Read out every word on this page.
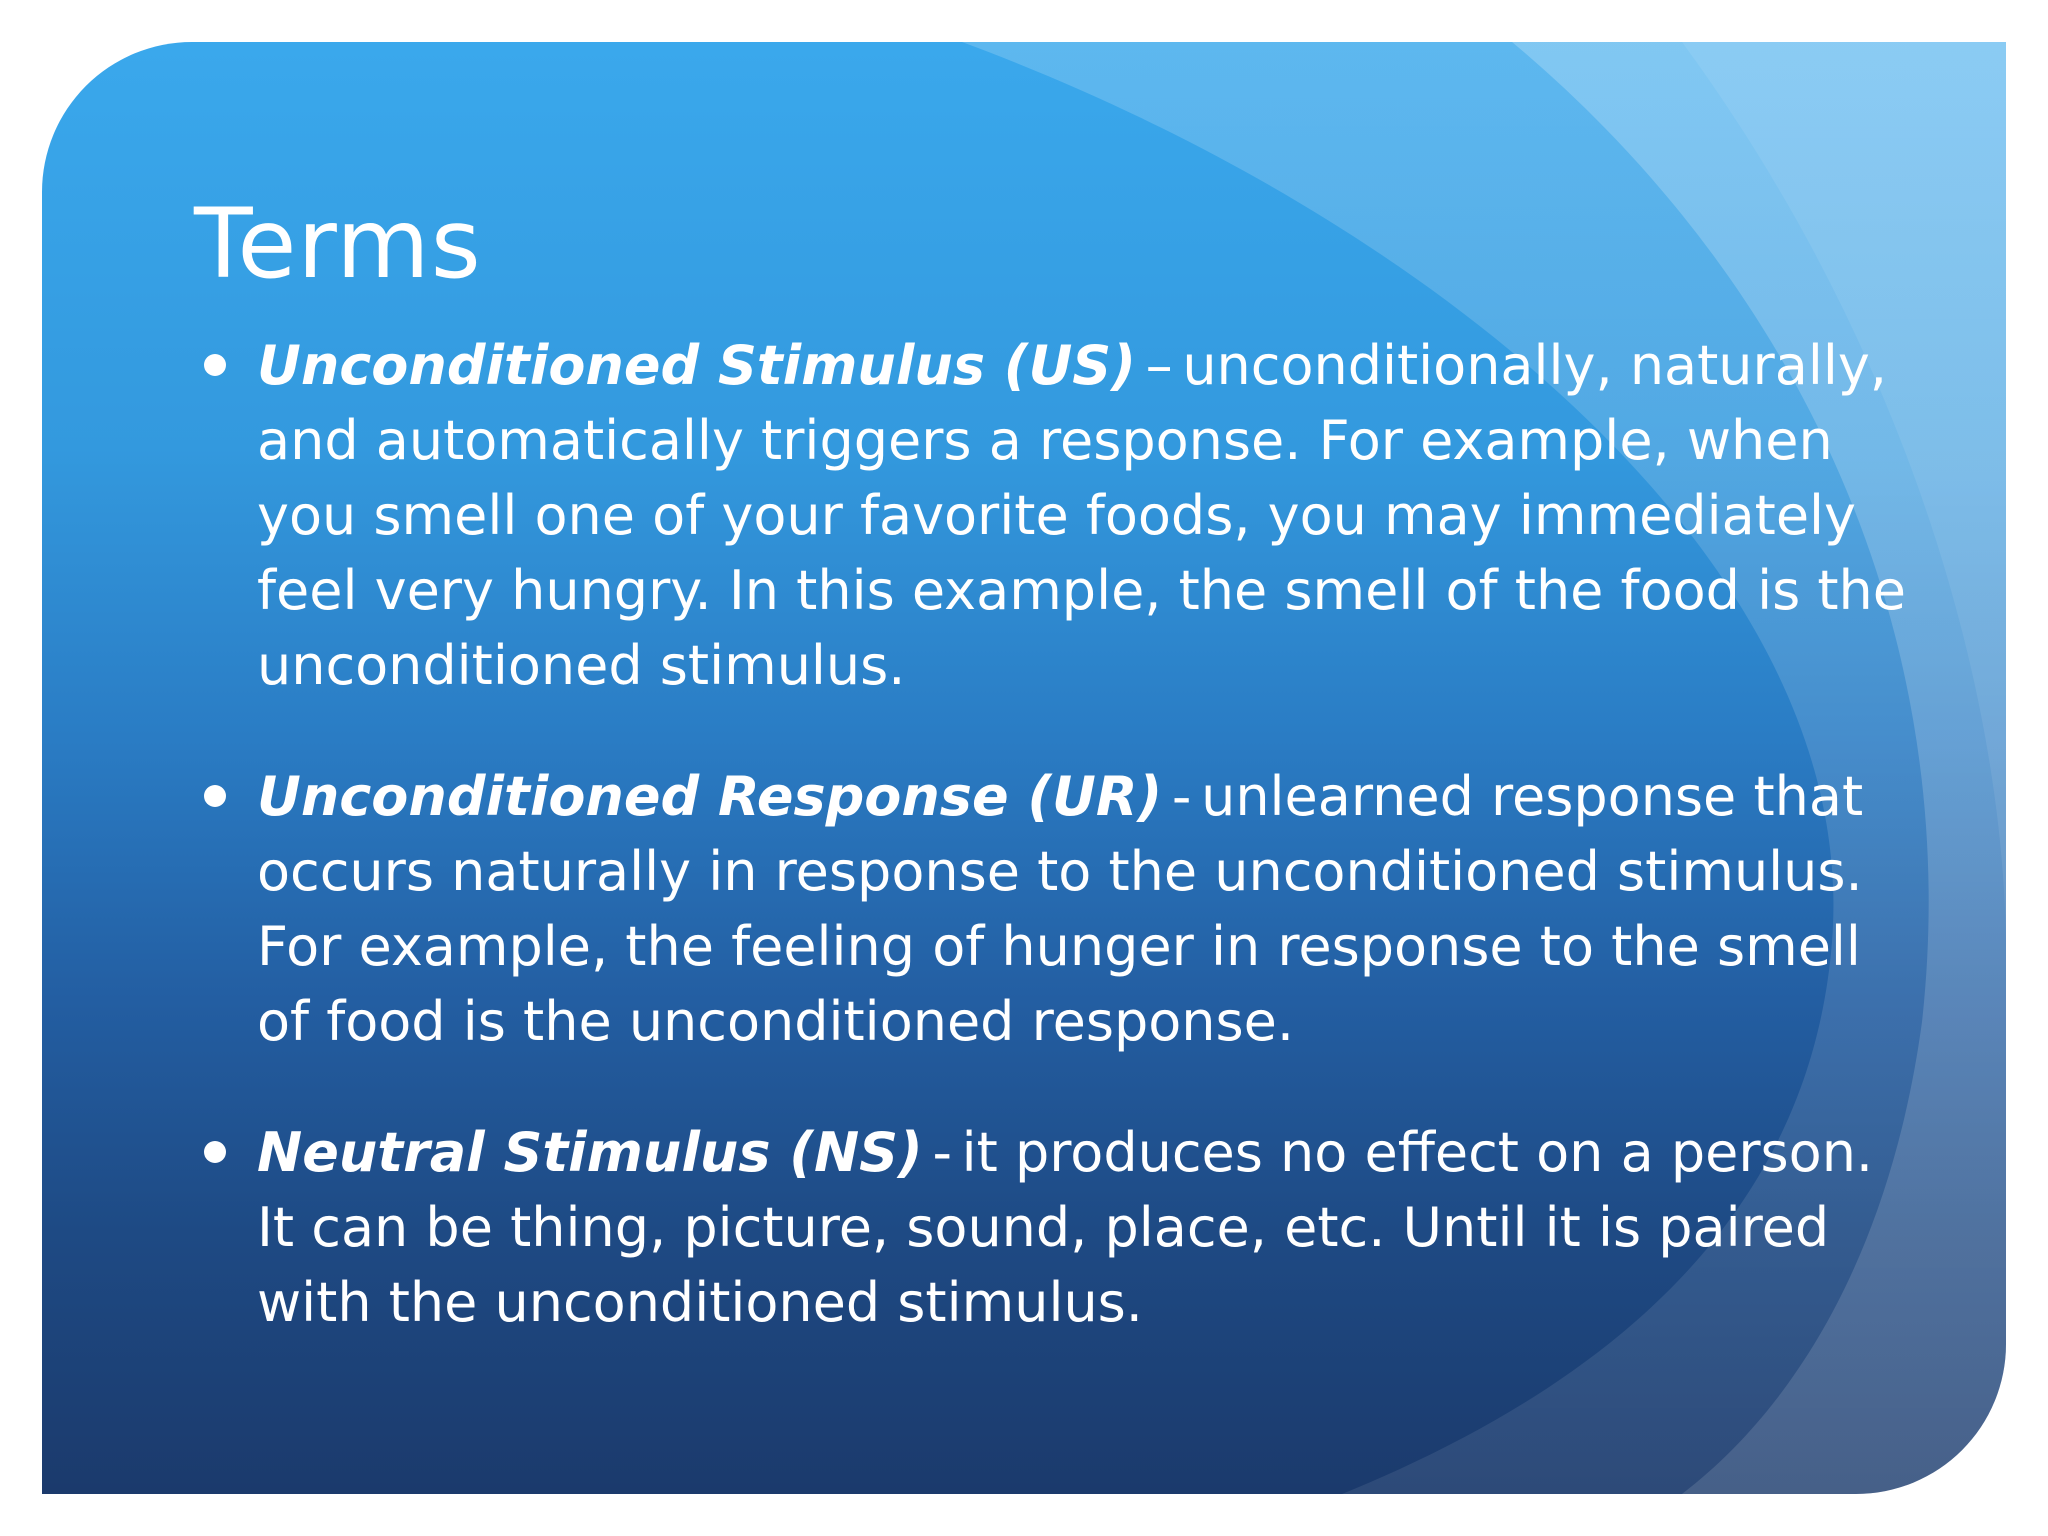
Terms
Unconditioned Stimulus (US) – unconditionally, naturally, and automatically triggers a response. For example, when you smell one of your favorite foods, you may immediately feel very hungry. In this example, the smell of the food is the unconditioned stimulus.
Unconditioned Response (UR) - unlearned response that occurs naturally in response to the unconditioned stimulus. For example, the feeling of hunger in response to the smell of food is the unconditioned response.
Neutral Stimulus (NS) - it produces no effect on a person. It can be thing, picture, sound, place, etc. Until it is paired with the unconditioned stimulus.
